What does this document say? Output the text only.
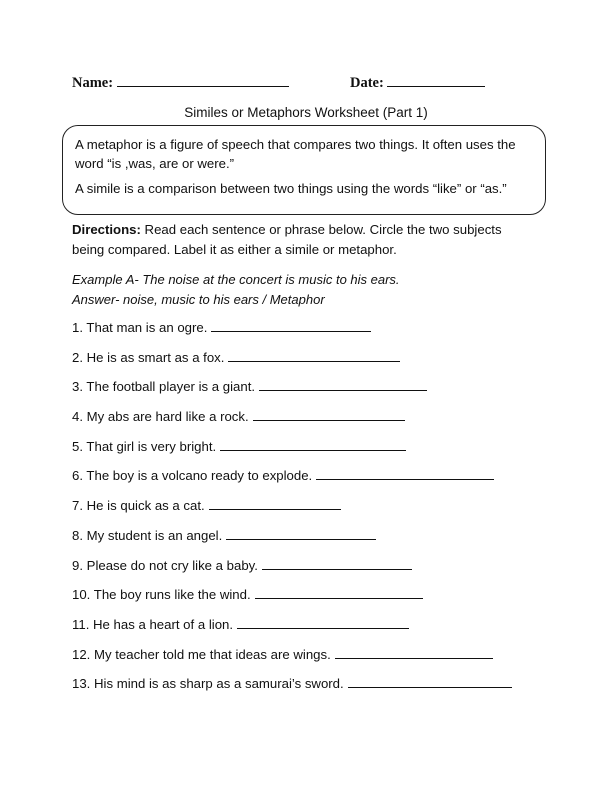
Name:	Date:
Similes or Metaphors Worksheet (Part 1)

A metaphor is a figure of speech that compares two things. It often uses the word “is ,was, are or were.”

A simile is a comparison between two things using the words “like” or “as.”

Directions: Read each sentence or phrase below. Circle the two subjects being compared. Label it as either a simile or metaphor.
Example A- The noise at the concert is music to his ears.
Answer- noise, music to his ears / Metaphor
1. That man is an ogre.
2. He is as smart as a fox.
3. The football player is a giant.
4. My abs are hard like a rock.
5. That girl is very bright.
6. The boy is a volcano ready to explode.
7. He is quick as a cat.
8. My student is an angel.
9. Please do not cry like a baby.
10. The boy runs like the wind.
11. He has a heart of a lion.
12. My teacher told me that ideas are wings.
13. His mind is as sharp as a samurai’s sword.
